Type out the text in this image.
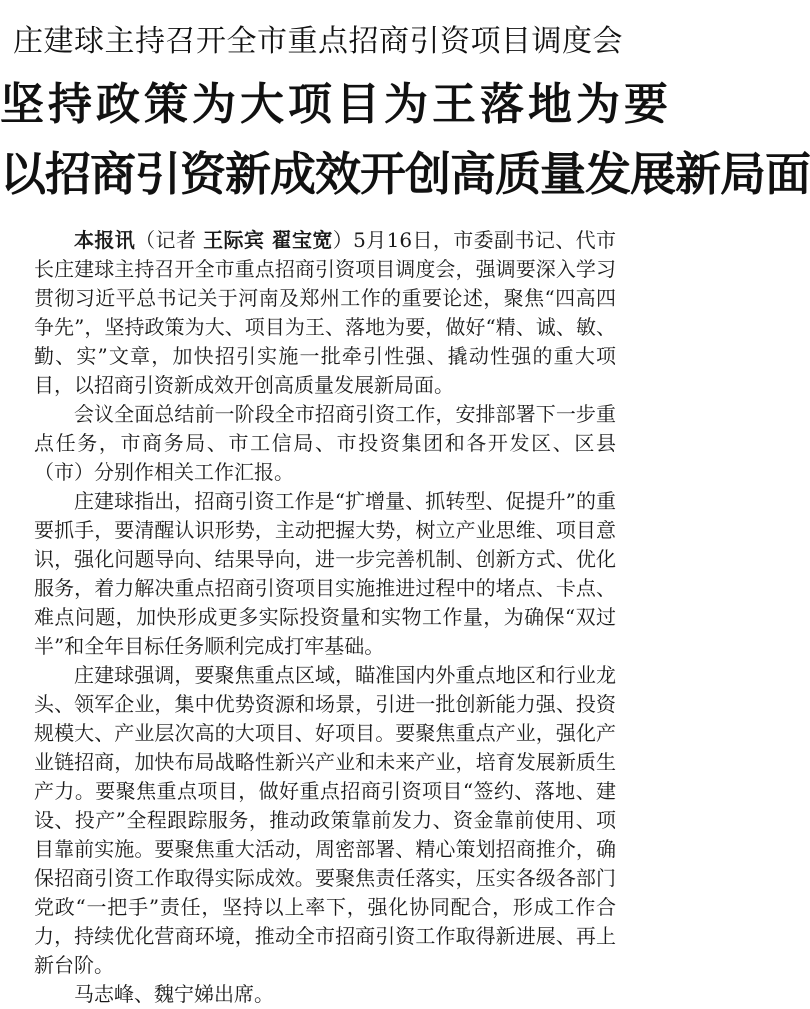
庄建球主持召开全市重点招商引资项目调度会
坚持政策为大项目为王落地为要
以招商引资新成效开创高质量发展新局面

本报讯（记者 王际宾 翟宝宽）5月16日，市委副书记、代市长庄建球主持召开全市重点招商引资项目调度会，强调要深入学习贯彻习近平总书记关于河南及郑州工作的重要论述，聚焦“四高四争先”，坚持政策为大、项目为王、落地为要，做好“精、诚、敏、勤、实”文章，加快招引实施一批牵引性强、撬动性强的重大项目，以招商引资新成效开创高质量发展新局面。

会议全面总结前一阶段全市招商引资工作，安排部署下一步重点任务，市商务局、市工信局、市投资集团和各开发区、区县（市）分别作相关工作汇报。

庄建球指出，招商引资工作是“扩增量、抓转型、促提升”的重要抓手，要清醒认识形势，主动把握大势，树立产业思维、项目意识，强化问题导向、结果导向，进一步完善机制、创新方式、优化服务，着力解决重点招商引资项目实施推进过程中的堵点、卡点、难点问题，加快形成更多实际投资量和实物工作量，为确保“双过半”和全年目标任务顺利完成打牢基础。

庄建球强调，要聚焦重点区域，瞄准国内外重点地区和行业龙头、领军企业，集中优势资源和场景，引进一批创新能力强、投资规模大、产业层次高的大项目、好项目。要聚焦重点产业，强化产业链招商，加快布局战略性新兴产业和未来产业，培育发展新质生产力。要聚焦重点项目，做好重点招商引资项目“签约、落地、建设、投产”全程跟踪服务，推动政策靠前发力、资金靠前使用、项目靠前实施。要聚焦重大活动，周密部署、精心策划招商推介，确保招商引资工作取得实际成效。要聚焦责任落实，压实各级各部门党政“一把手”责任，坚持以上率下，强化协同配合，形成工作合力，持续优化营商环境，推动全市招商引资工作取得新进展、再上新台阶。

马志峰、魏宁娣出席。
